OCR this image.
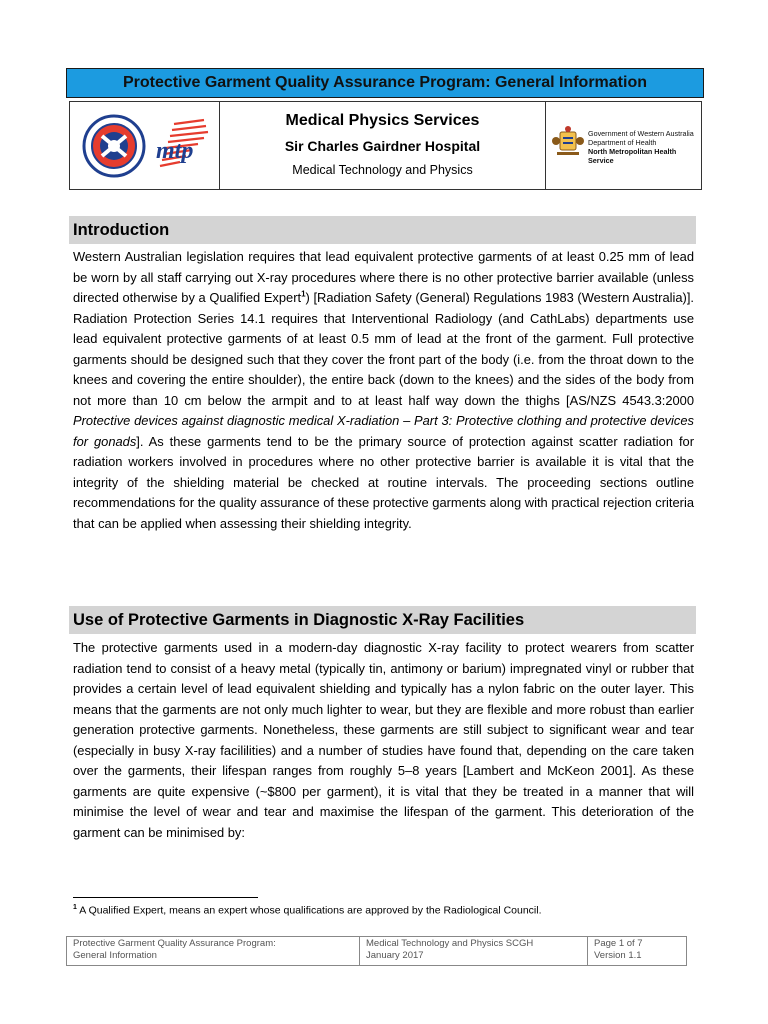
Protective Garment Quality Assurance Program: General Information
mtp
Medical Physics Services
Sir Charles Gairdner Hospital
Medical Technology and Physics
Government of Western Australia
Department of Health
North Metropolitan Health Service
Introduction

Western Australian legislation requires that lead equivalent protective garments of at least 0.25 mm of lead be worn by all staff carrying out X-ray procedures where there is no other protective barrier available (unless directed otherwise by a Qualified Expert$^1$) [Radiation Safety (General) Regulations 1983 (Western Australia)]. Radiation Protection Series 14.1 requires that Interventional Radiology (and CathLabs) departments use lead equivalent protective garments of at least 0.5 mm of lead at the front of the garment. Full protective garments should be designed such that they cover the front part of the body (i.e. from the throat down to the knees and covering the entire shoulder), the entire back (down to the knees) and the sides of the body from not more than 10 cm below the armpit and to at least half way down the thighs [AS/NZS 4543.3:2000 Protective devices against diagnostic medical X-radiation – Part 3: Protective clothing and protective devices for gonads]. As these garments tend to be the primary source of protection against scatter radiation for radiation workers involved in procedures where no other protective barrier is available it is vital that the integrity of the shielding material be checked at routine intervals. The proceeding sections outline recommendations for the quality assurance of these protective garments along with practical rejection criteria that can be applied when assessing their shielding integrity.

Use of Protective Garments in Diagnostic X-Ray Facilities

The protective garments used in a modern-day diagnostic X-ray facility to protect wearers from scatter radiation tend to consist of a heavy metal (typically tin, antimony or barium) impregnated vinyl or rubber that provides a certain level of lead equivalent shielding and typically has a nylon fabric on the outer layer. This means that the garments are not only much lighter to wear, but they are flexible and more robust than earlier generation protective garments. Nonetheless, these garments are still subject to significant wear and tear (especially in busy X-ray facililities) and a number of studies have found that, depending on the care taken over the garments, their lifespan ranges from roughly 5–8 years [Lambert and McKeon 2001]. As these garments are quite expensive (~$800 per garment), it is vital that they be treated in a manner that will minimise the level of wear and tear and maximise the lifespan of the garment. This deterioration of the garment can be minimised by:

$^1$ A Qualified Expert, means an expert whose qualifications are approved by the Radiological Council.
Protective Garment Quality Assurance Program:
General Information
Medical Technology and Physics SCGH
January 2017
Page 1 of 7
Version 1.1
